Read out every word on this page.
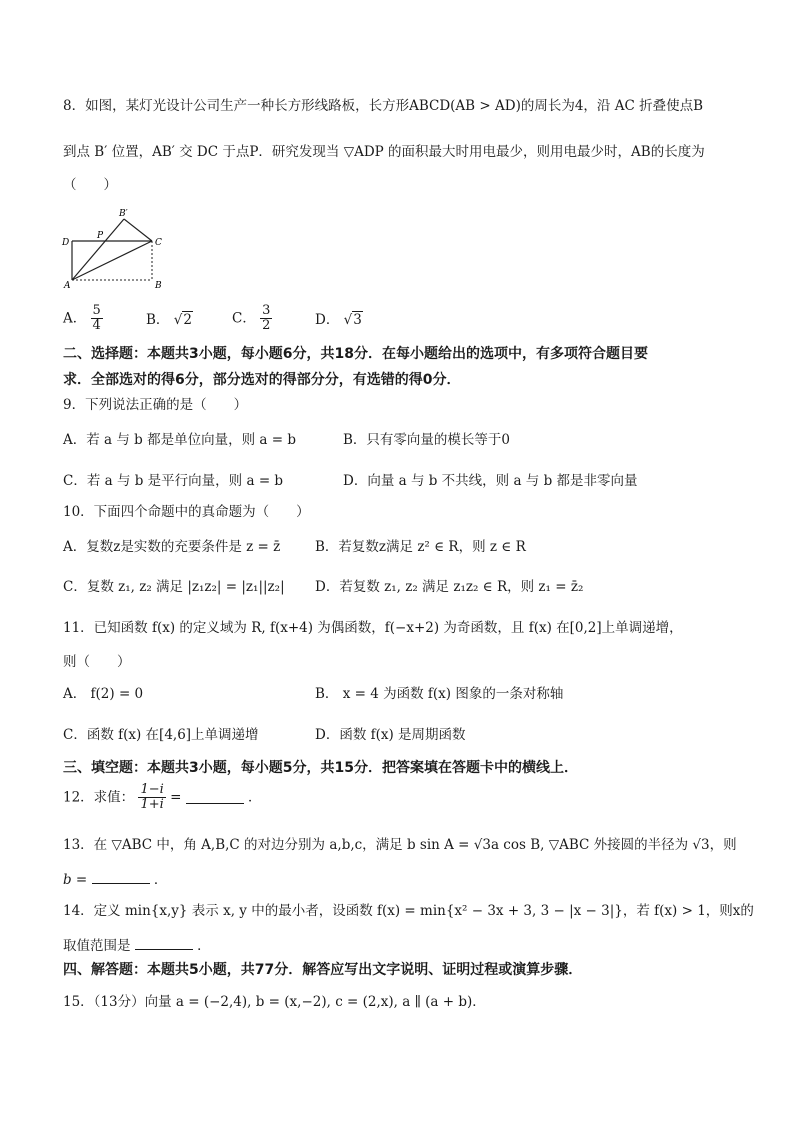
8．如图，某灯光设计公司生产一种长方形线路板，长方形ABCD(AB > AD)的周长为4，沿 AC 折叠使点B
到点 B′ 位置，AB′ 交 DC 于点P．研究发现当 ▽ADP 的面积最大时用电最少，则用电最少时，AB的长度为
（　　）
D
P
B′
C
A	B
A． $\frac{5}{4}$	B． √2	C． $\frac{3}{2}$	D． √3
二、选择题：本题共3小题，每小题6分，共18分．在每小题给出的选项中，有多项符合题目要
求．全部选对的得6分，部分选对的得部分分，有选错的得0分．
9．下列说法正确的是（　　）
A．若 a 与 b 都是单位向量，则 a = b	B．只有零向量的模长等于0
C．若 a 与 b 是平行向量，则 a = b	D．向量 a 与 b 不共线，则 a 与 b 都是非零向量
10．下面四个命题中的真命题为（　　）
A．复数z是实数的充要条件是 z = z̄	B．若复数z满足 z² ∈ R，则 z ∈ R
C．复数 z₁, z₂ 满足 |z₁z₂| = |z₁||z₂| D．若复数 z₁, z₂ 满足 z₁z₂ ∈ R，则 z₁ = z̄₂
11．已知函数 f(x) 的定义域为 R, f(x+4) 为偶函数，f(−x+2) 为奇函数，且 f(x) 在[0,2]上单调递增，
则（　　）
A． f(2) = 0	B． x = 4 为函数 f(x) 图象的一条对称轴
C．函数 f(x) 在[4,6]上单调递增	D．函数 f(x) 是周期函数
三、填空题：本题共3小题，每小题5分，共15分．把答案填在答题卡中的横线上．
12．求值： $\frac{1-i}{1+i}$ =	．
13．在 ▽ABC 中，角 A,B,C 的对边分别为 a,b,c，满足 b sin A = √3a cos B, ▽ABC 外接圆的半径为 √3，则
b =	．
14．定义 min{x,y} 表示 x, y 中的最小者，设函数 f(x) = min{x² − 3x + 3, 3 − |x − 3|}，若 f(x) > 1，则x的
取值范围是	．
四、解答题：本题共5小题，共77分．解答应写出文字说明、证明过程或演算步骤．
15．（13分）向量 a = (−2,4), b = (x,−2), c = (2,x), a ∥ (a + b)．
